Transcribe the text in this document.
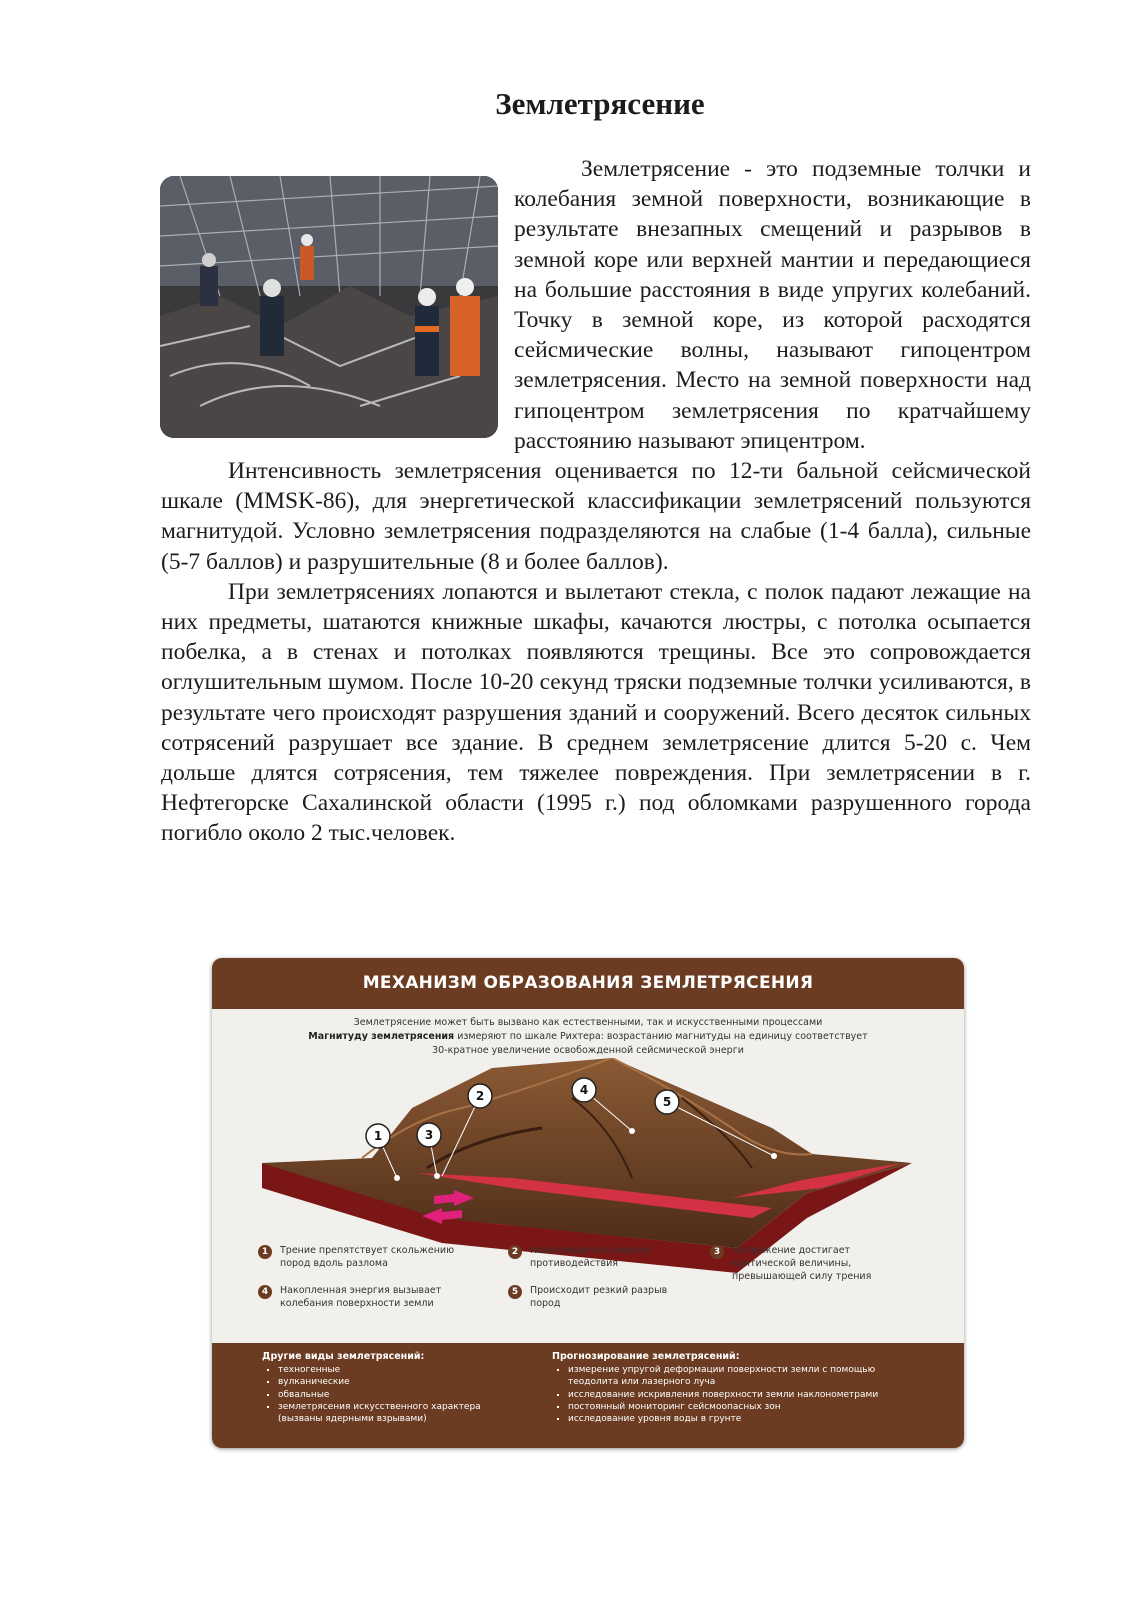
Землетрясение

Землетрясение - это подземные толчки и колебания земной поверхности, возникающие в результате внезапных смещений и разрывов в земной коре или верхней мантии и передающиеся на большие расстояния в виде упругих колебаний. Точку в земной коре, из которой расходятся сейсмические волны, называют гипоцентром землетрясения. Место на земной поверхности над гипоцентром землетрясения по кратчайшему расстоянию называют эпицентром.

Интенсивность землетрясения оценивается по 12-ти бальной сейсмической шкале (MMSK-86), для энергетической классификации землетрясений пользуются магнитудой. Условно землетрясения подразделяются на слабые (1-4 балла), сильные (5-7 баллов) и разрушительные (8 и более баллов).

При землетрясениях лопаются и вылетают стекла, с полок падают лежащие на них предметы, шатаются книжные шкафы, качаются люстры, с потолка осыпается побелка, а в стенах и потолках появляются трещины. Все это сопровождается оглушительным шумом. После 10-20 секунд тряски подземные толчки усиливаются, в результате чего происходят разрушения зданий и сооружений. Всего десяток сильных сотрясений разрушает все здание. В среднем землетрясение длится 5-20 с. Чем дольше длятся сотрясения, тем тяжелее повреждения. При землетрясении в г. Нефтегорске Сахалинской области (1995 г.) под обломками разрушенного города погибло около 2 тыс.человек.

МЕХАНИЗМ ОБРАЗОВАНИЯ ЗЕМЛЕТРЯСЕНИЯ
Землетрясение может быть вызвано как естественными, так и искусственными процессами
Магнитуду землетрясения измеряют по шкале Рихтера: возрастанию магнитуды на единицу соответствует
30-кратное увеличение освобожденной сейсмической энерги
1	3
2	4
5
1	Трение препятствует скольжению пород вдоль разлома
2	Накапливается энергия противодействия
3	Напряжение достигает критической величины, превышающей силу трения
4	Накопленная энергия вызывает колебания поверхности земли
5	Происходит резкий разрыв пород
Другие виды землетрясений:
▪ техногенные
▪ вулканические
▪ обвальные
▪ землетрясения искусственного характера (вызваны ядерными взрывами)
Прогнозирование землетрясений:
▪ измерение упругой деформации поверхности земли с помощью теодолита или лазерного луча
▪ исследование искривления поверхности земли наклонометрами
▪ постоянный мониторинг сейсмоопасных зон
▪ исследование уровня воды в грунте
